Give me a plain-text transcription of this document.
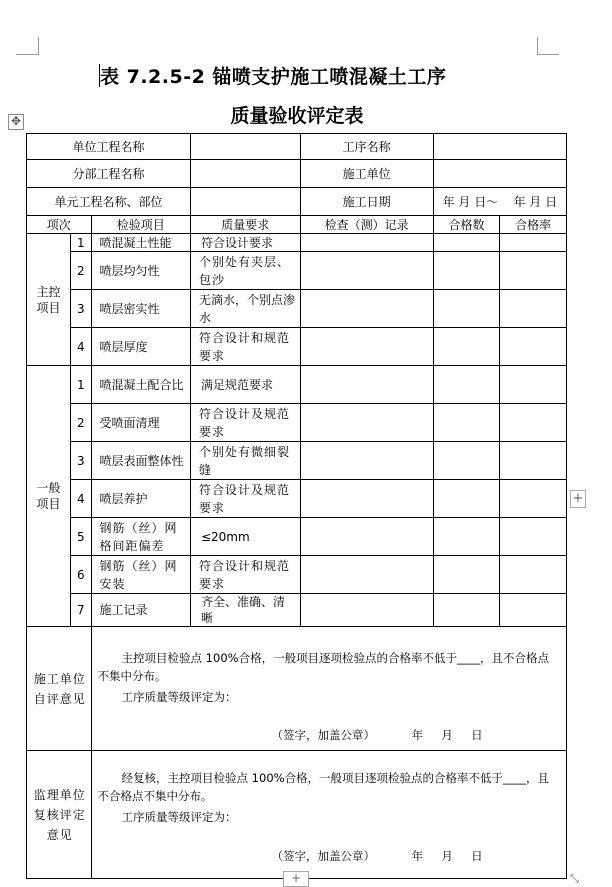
表 7.2.5-2 锚喷支护施工喷混凝土工序
质量验收评定表
✥
单位工程名称				工序名称		
分部工程名称				施工单位		
单元工程名称、部位				施工日期	年 月 日～    年 月 日	
项次		检验项目	质量要求	检查（测）记录	合格数	合格率
主控项目	1	喷混凝土性能	符合设计要求			
	2	喷层均匀性	个别处有夹层、包沙			
	3	喷层密实性	无滴水，个别点渗水			
	4	喷层厚度	符合设计和规范要求			
一般项目	1	喷混凝土配合比	满足规范要求			
	2	受喷面清理	符合设计及规范要求			
	3	喷层表面整体性	个别处有微细裂缝			
	4	喷层养护	符合设计及规范要求			
	5	钢筋（丝）网格间距偏差	≤20mm			
	6	钢筋（丝）网安装	符合设计和规范要求			
	7	施工记录	齐全、准确、清晰			
施工单位自评意见		主控项目检验点 100%合格，一般项目逐项检验点的合格率不低于____，且不合格点不集中分布。

工序质量等级评定为：

（签字，加盖公章）          年     月     日				

监理单位复核评定意见		经复核，主控项目检验点 100%合格，一般项目逐项检验点的合格率不低于____，且不合格点不集中分布。

工序质量等级评定为：

（签字，加盖公章）          年     月     日				

+
+	⤡
